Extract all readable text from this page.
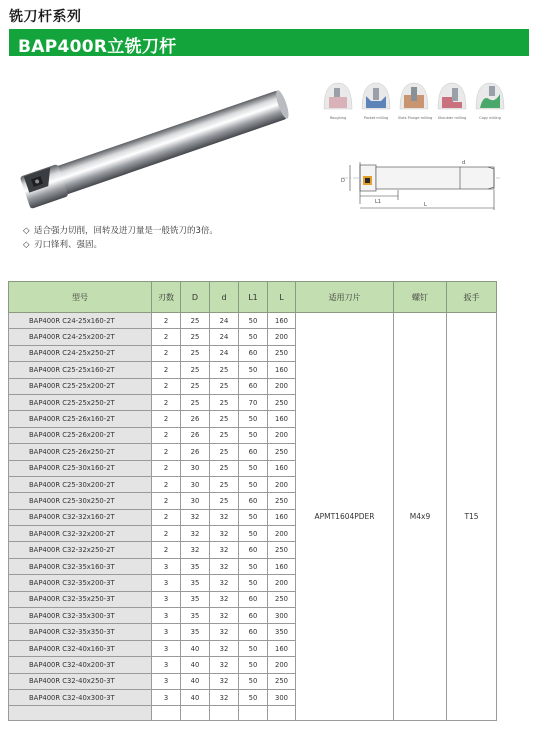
铣刀杆系列
BAP400R立铣刀杆
Roughing	Pocket milling	Slots Plunge milling	Shoulder milling	Copy milling
D
d
L1	L
◇ 适合强力切削，回转及进刀量是一般铣刀的3倍。
◇ 刃口锋利、强固。
型号	刃数	D	d	L1	L	适用刀片	螺钉	扳手
BAP400R C24-25x160-2T	2	25	24	50	160	APMT1604PDER	M4x9	T15
BAP400R C24-25x200-2T	2	25	24	50	200			
BAP400R C24-25x250-2T	2	25	24	60	250			
BAP400R C25-25x160-2T	2	25	25	50	160			
BAP400R C25-25x200-2T	2	25	25	60	200			
BAP400R C25-25x250-2T	2	25	25	70	250			
BAP400R C25-26x160-2T	2	26	25	50	160			
BAP400R C25-26x200-2T	2	26	25	50	200			
BAP400R C25-26x250-2T	2	26	25	60	250			
BAP400R C25-30x160-2T	2	30	25	50	160			
BAP400R C25-30x200-2T	2	30	25	50	200			
BAP400R C25-30x250-2T	2	30	25	60	250			
BAP400R C32-32x160-2T	2	32	32	50	160			
BAP400R C32-32x200-2T	2	32	32	50	200			
BAP400R C32-32x250-2T	2	32	32	60	250			
BAP400R C32-35x160-3T	3	35	32	50	160			
BAP400R C32-35x200-3T	3	35	32	50	200			
BAP400R C32-35x250-3T	3	35	32	60	250			
BAP400R C32-35x300-3T	3	35	32	60	300			
BAP400R C32-35x350-3T	3	35	32	60	350			
BAP400R C32-40x160-3T	3	40	32	50	160			
BAP400R C32-40x200-3T	3	40	32	50	200			
BAP400R C32-40x250-3T	3	40	32	50	250			
BAP400R C32-40x300-3T	3	40	32	50	300			
